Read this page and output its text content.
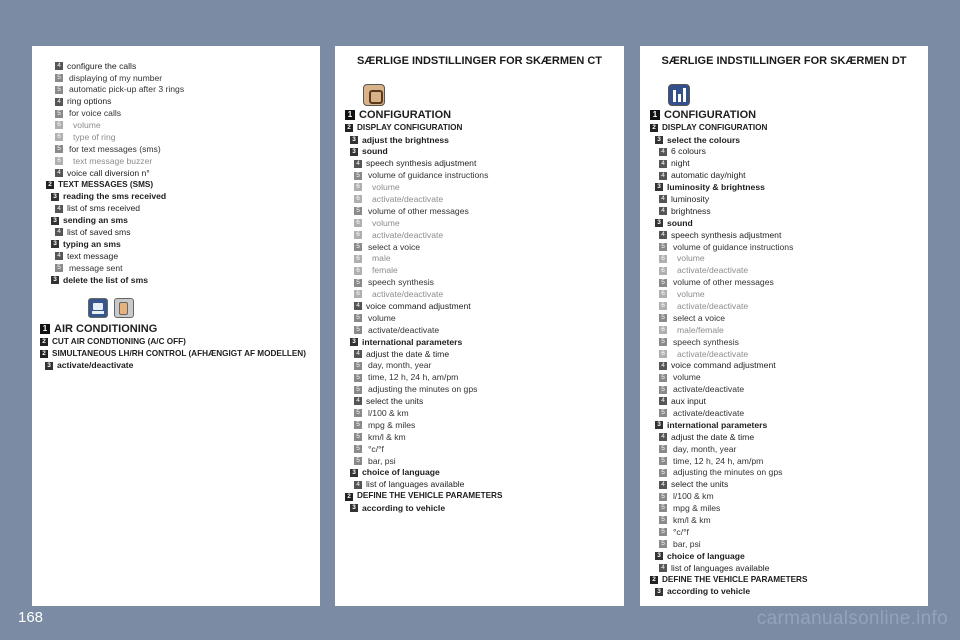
4 configure the calls
5 displaying of my number
5 automatic pick-up after 3 rings
4 ring options
5 for voice calls
6	volume
6	type of ring
5 for text messages (sms)
6	text message buzzer
4 voice call diversion n°
2 TEXT MESSAGES (SMS)
3 reading the sms received
4 list of sms received
3 sending an sms
4 list of saved sms
3 typing an sms
4 text message
5 message sent
3 delete the list of sms
1 AIR CONDITIONING
2 CUT AIR CONDTIONING (A/C OFF)
2 SIMULTANEOUS LH/RH CONTROL (AFHÆNGIGT AF MODELLEN)
3 activate/deactivate
SÆRLIGE INDSTILLINGER FOR SKÆRMEN CT
1 CONFIGURATION
2 DISPLAY CONFIGURATION
3 adjust the brightness
3 sound
4 speech synthesis adjustment
5 volume of guidance instructions
6	volume
6	activate/deactivate
5 volume of other messages
6	volume
6	activate/deactivate
5 select a voice
6	male
6	female
5 speech synthesis
6	activate/deactivate
4 voice command adjustment
5 volume
5 activate/deactivate
3 international parameters
4 adjust the date & time
5 day, month, year
5 time, 12 h, 24 h, am/pm
5 adjusting the minutes on gps
4 select the units
5 l/100 & km
5 mpg & miles
5 km/l & km
5 °c/°f
5 bar, psi
3 choice of language
4 list of languages available
2 DEFINE THE VEHICLE PARAMETERS
3 according to vehicle
SÆRLIGE INDSTILLINGER FOR SKÆRMEN DT
1 CONFIGURATION
2 DISPLAY CONFIGURATION
3 select the colours
4 6 colours
4 night
4 automatic day/night
3 luminosity & brightness
4 luminosity
4 brightness
3 sound
4 speech synthesis adjustment
5 volume of guidance instructions
6	volume
6	activate/deactivate
5 volume of other messages
6	volume
6	activate/deactivate
5 select a voice
6	male/female
5 speech synthesis
6	activate/deactivate
4 voice command adjustment
5 volume
5 activate/deactivate
4 aux input
5 activate/deactivate
3 international parameters
4 adjust the date & time
5 day, month, year
5 time, 12 h, 24 h, am/pm
5 adjusting the minutes on gps
4 select the units
5 l/100 & km
5 mpg & miles
5 km/l & km
5 °c/°f
5 bar, psi
3 choice of language
4 list of languages available
2 DEFINE THE VEHICLE PARAMETERS
3 according to vehicle
168	carmanualsonline.info
